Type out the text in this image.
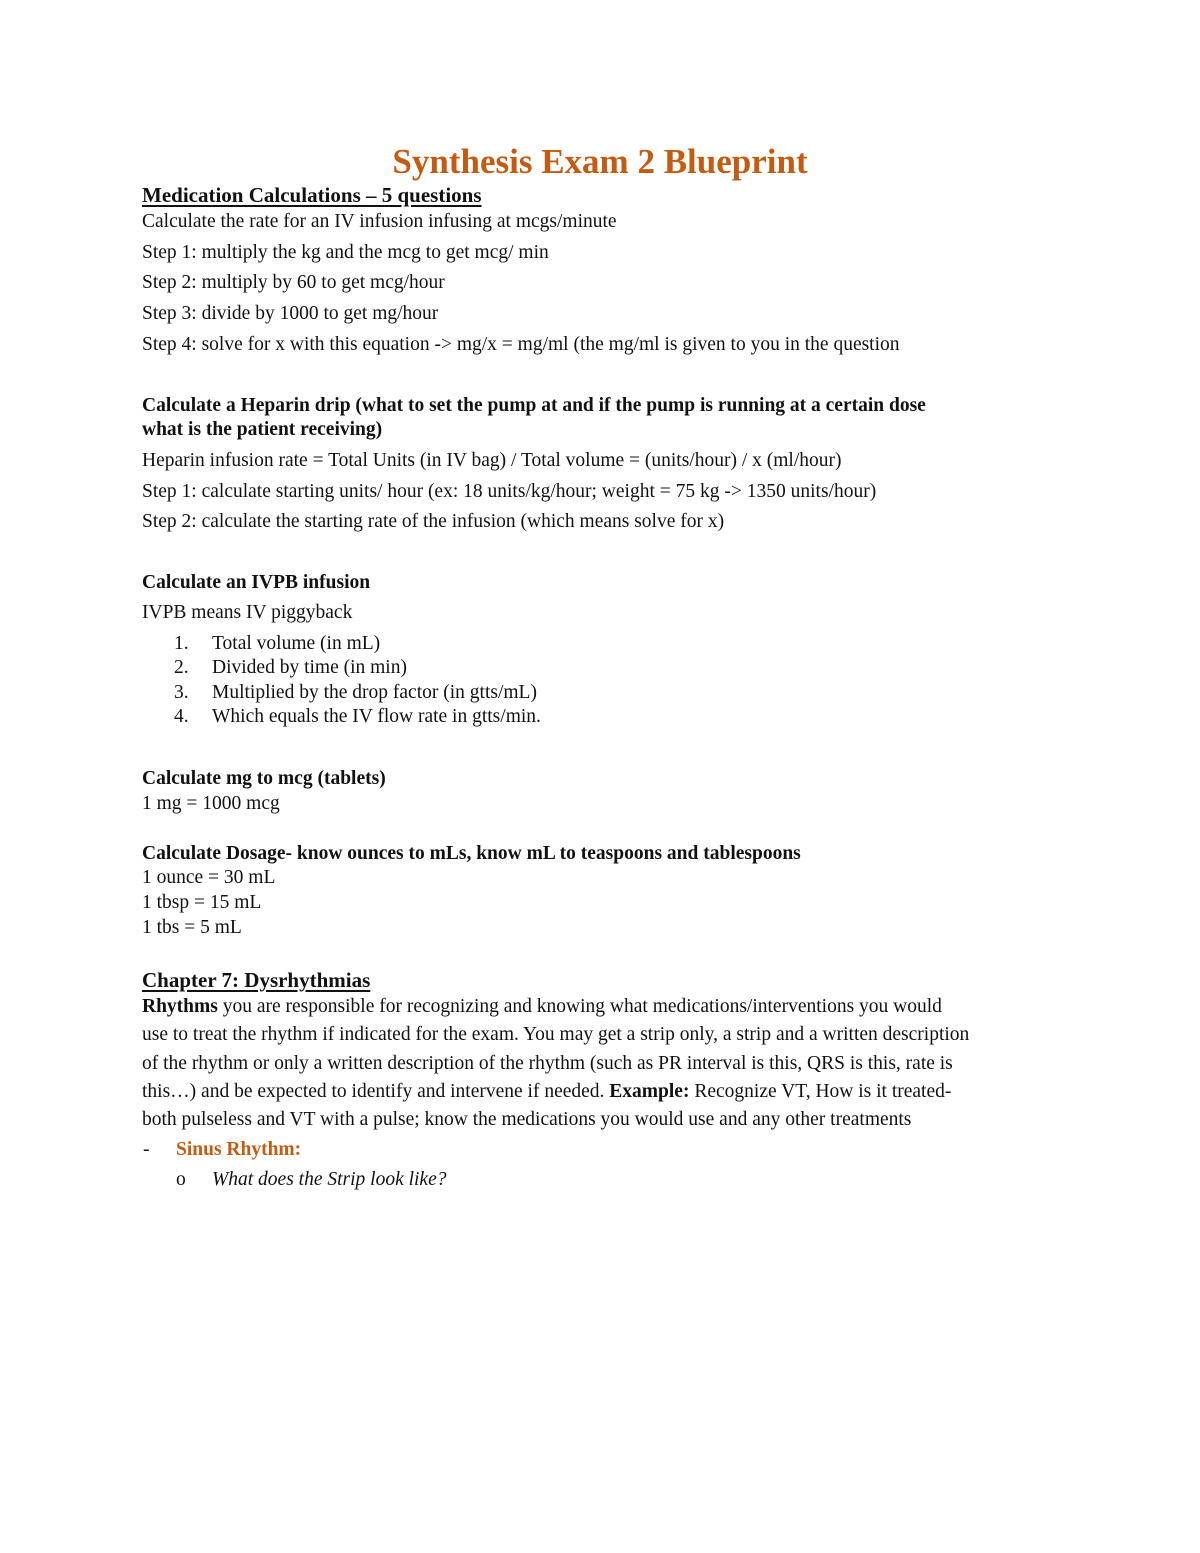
Synthesis Exam 2 Blueprint
Medication Calculations – 5 questions
Calculate the rate for an IV infusion infusing at mcgs/minute
Step 1: multiply the kg and the mcg to get mcg/ min
Step 2: multiply by 60 to get mcg/hour
Step 3: divide by 1000 to get mg/hour
Step 4: solve for x with this equation -> mg/x = mg/ml (the mg/ml is given to you in the question
Calculate a Heparin drip (what to set the pump at and if the pump is running at a certain dose
what is the patient receiving)
Heparin infusion rate = Total Units (in IV bag) / Total volume = (units/hour) / x (ml/hour)
Step 1: calculate starting units/ hour (ex: 18 units/kg/hour; weight = 75 kg -> 1350 units/hour)
Step 2: calculate the starting rate of the infusion (which means solve for x)
Calculate an IVPB infusion
IVPB means IV piggyback
1. Total volume (in mL)
2. Divided by time (in min)
3. Multiplied by the drop factor (in gtts/mL)
4. Which equals the IV flow rate in gtts/min.
Calculate mg to mcg (tablets)
1 mg = 1000 mcg
Calculate Dosage- know ounces to mLs, know mL to teaspoons and tablespoons
1 ounce = 30 mL
1 tbsp = 15 mL
1 tbs = 5 mL
Chapter 7: Dysrhythmias
Rhythms you are responsible for recognizing and knowing what medications/interventions you would
use to treat the rhythm if indicated for the exam. You may get a strip only, a strip and a written description
of the rhythm or only a written description of the rhythm (such as PR interval is this, QRS is this, rate is
this…) and be expected to identify and intervene if needed. Example: Recognize VT, How is it treated-
both pulseless and VT with a pulse; know the medications you would use and any other treatments
- Sinus Rhythm:
o What does the Strip look like?
